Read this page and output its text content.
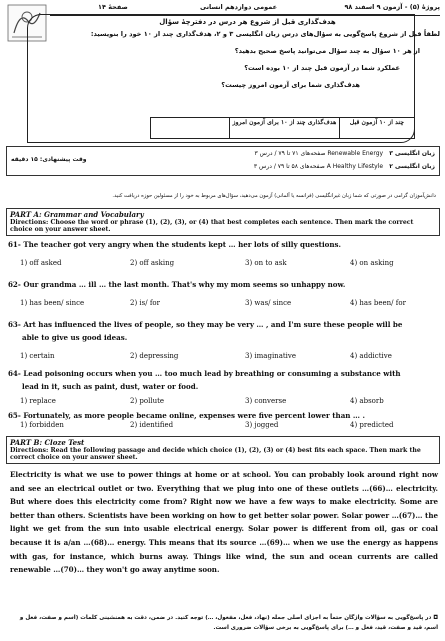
پروژۀ (۵) - آزمون ۹ اسفند ۹۸
عمومی دوازدهم انسانی
صفحهٔ ۱۴
هدف‌گذاری قبل از شروع هر درس در دفترچهٔ سؤال
لطفاً قبل از شروع پاسخ‌گویی به سؤال‌های درس زبان انگلیسی ۳ و ۲، هدف‌گذاری چند از ۱۰ خود را بنویسید:
از هر ۱۰ سؤال به چند سؤال می‌توانید پاسخ صحیح بدهید؟
عملکرد شما در آزمون قبل چند از ۱۰ بوده است؟
هدف‌گذاری شما برای آزمون امروز چیست؟
چند از ۱۰ آزمون قبل
هدف‌گذاری چند از ۱۰ برای آزمون امروز
زبان انگلیسی ۳ Renewable Energy صفحه‌های ۷۱ تا ۷۹ / درس ۳
زبان انگلیسی ۲ A Healthy Lifestyle صفحه‌های ۵۸ تا ۷۹ / درس ۳
وقت پیشنهادی: ۱۵ دقیقه
دانش‌آموزان گرامی در صورتی که شما زبان غیرانگلیسی (فرانسه یا آلمانی) آزمون می‌دهید، سؤال‌های مربوط به خود را از مسئولین حوزه دریافت کنید.
PART A: Grammar and Vocabulary
Directions: Choose the word or phrase (1), (2), (3), or (4) that best completes each sentence. Then mark the correct choice on your answer sheet.
61- The teacher got very angry when the students kept … her lots of silly questions.
1) off asked	2) off asking	3) on to ask	4) on asking
62- Our grandma … ill … the last month. That's why my mom seems so unhappy now.
1) has been/ since	2) is/ for	3) was/ since	4) has been/ for
63- Art has influenced the lives of people, so they may be very … , and I'm sure these people will be
able to give us good ideas.
1) certain	2) depressing	3) imaginative	4) addictive
64- Lead poisoning occurs when you … too much lead by breathing or consuming a substance with
lead in it, such as paint, dust, water or food.
1) replace	2) pollute	3) converse	4) absorb
PART B: Cloze Test
Directions: Read the following passage and decide which choice (1), (2), (3) or (4) best fits each space. Then mark the correct choice on your answer sheet.
65- Fortunately, as more people became online, expenses were five percent lower than … .
1) forbidden	2) identified	3) jogged	4) predicted
Electricity is what we use to power things at home or at school. You can probably look around right now and see an electrical outlet or two. Everything that we plug into one of these outlets …(66)… electricity. But where does this electricity come from? Right now we have a few ways to make electricity. Some are better than others. Scientists have been working on how to get better solar power. Solar power …(67)… the light we get from the sun into usable electrical energy. Solar power is different from oil, gas or coal because it is a/an …(68)… energy. This means that its source …(69)… when we use the energy as happens with gas, for instance, which burns away. Things like wind, the sun and ocean currents are called renewable …(70)… they won't go away anytime soon.
◘ در پاسخ‌گویی به سؤالات واژگان حتماً به اجزای اصلی جمله (نهاد، فعل، مفعول، …) توجه کنید. در ضمن، دقت به همنشینی کلمات (اسم و صفت، فعل و اسم، قید و صفت، قید، فعل و …) برای پاسخ‌گویی به برخی سؤالات ضروری است.
